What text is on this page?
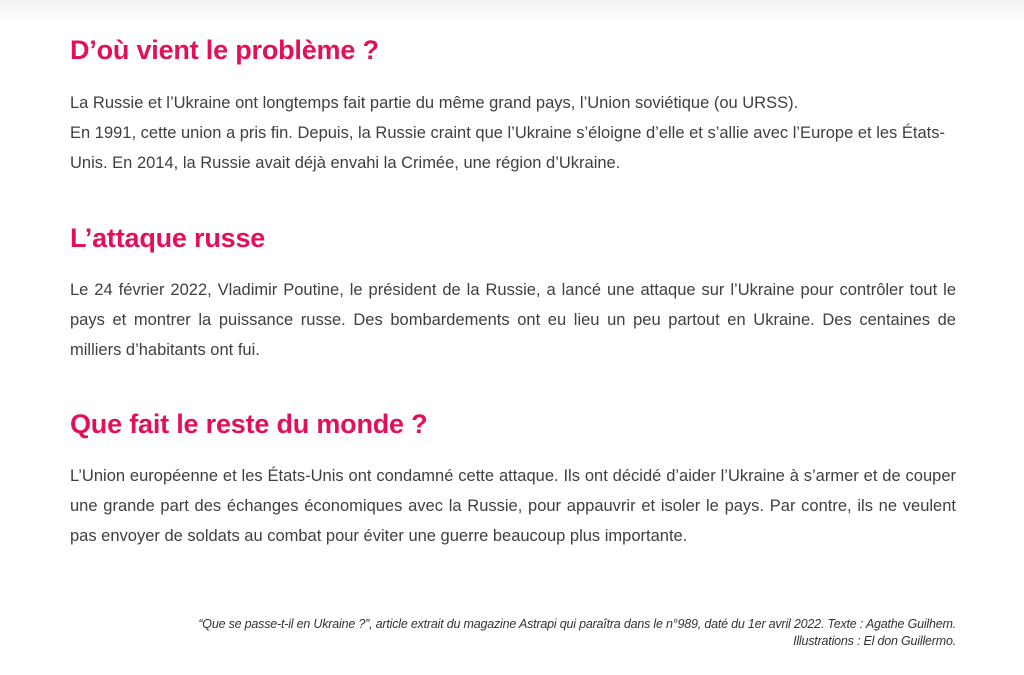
D’où vient le problème ?
La Russie et l’Ukraine ont longtemps fait partie du même grand pays, l’Union soviétique (ou URSS).
En 1991, cette union a pris fin. Depuis, la Russie craint que l’Ukraine s’éloigne d’elle et s’allie avec l’Europe et les États-Unis. En 2014, la Russie avait déjà envahi la Crimée, une région d’Ukraine.
L’attaque russe

Le 24 février 2022, Vladimir Poutine, le président de la Russie, a lancé une attaque sur l’Ukraine pour contrôler tout le pays et montrer la puissance russe. Des bombardements ont eu lieu un peu partout en Ukraine. Des centaines de milliers d’habitants ont fui.

Que fait le reste du monde ?

L’Union européenne et les États-Unis ont condamné cette attaque. Ils ont décidé d’aider l’Ukraine à s’armer et de couper une grande part des échanges économiques avec la Russie, pour appauvrir et isoler le pays. Par contre, ils ne veulent pas envoyer de soldats au combat pour éviter une guerre beaucoup plus importante.

“Que se passe-t-il en Ukraine ?”, article extrait du magazine Astrapi qui paraîtra dans le n°989, daté du 1er avril 2022. Texte : Agathe Guilhem.
Illustrations : El don Guillermo.
